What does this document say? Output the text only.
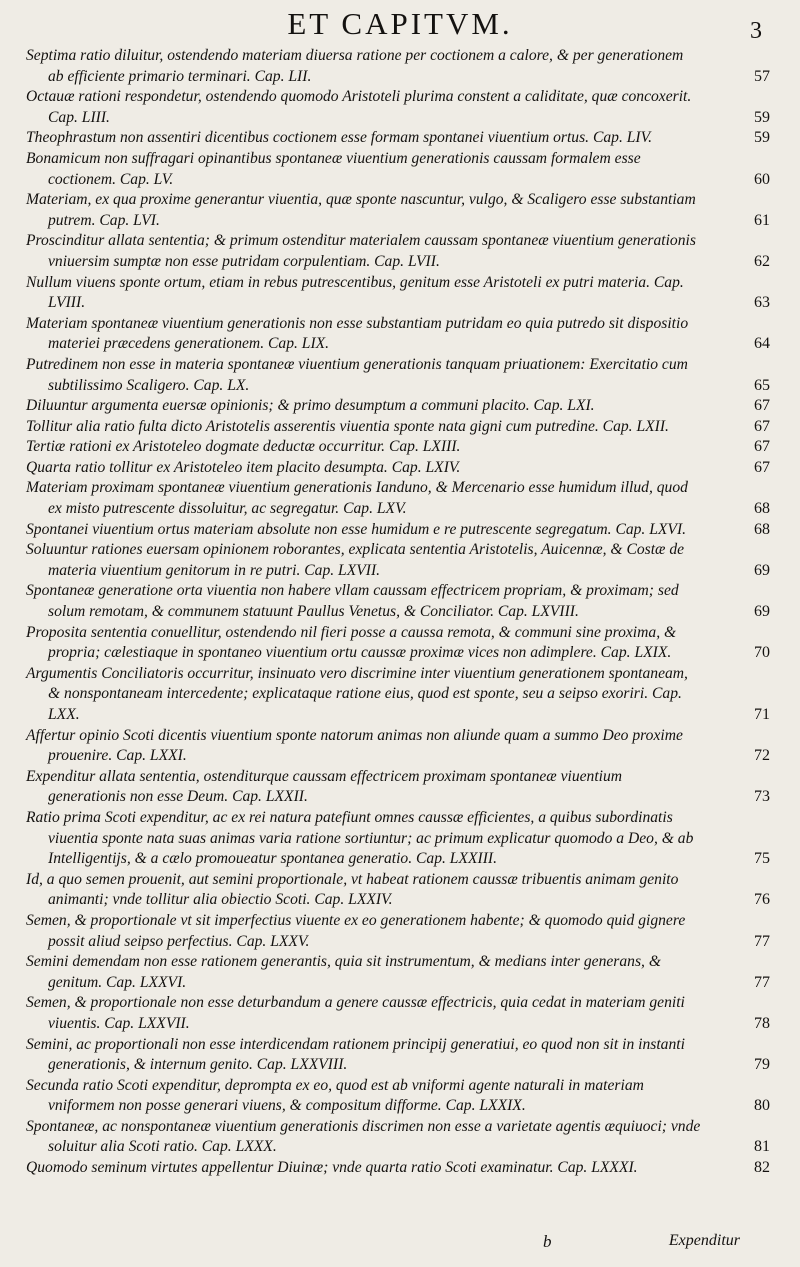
ET CAPITVM.	3
Septima ratio diluitur, ostendendo materiam diuersa ratione per coctionem a calore, & per generationem ab efficiente primario terminari. Cap. LII.	57
Octauæ rationi respondetur, ostendendo quomodo Aristoteli plurima constent a caliditate, quæ concoxerit. Cap. LIII.	59
Theophrastum non assentiri dicentibus coctionem esse formam spontanei viuentium ortus. Cap. LIV.	59
Bonamicum non suffragari opinantibus spontaneæ viuentium generationis caussam formalem esse coctionem. Cap. LV.	60
Materiam, ex qua proxime generantur viuentia, quæ sponte nascuntur, vulgo, & Scaligero esse substantiam putrem. Cap. LVI.	61
Proscinditur allata sententia; & primum ostenditur materialem caussam spontaneæ viuentium generationis vniuersim sumptæ non esse putridam corpulentiam. Cap. LVII.	62
Nullum viuens sponte ortum, etiam in rebus putrescentibus, genitum esse Aristoteli ex putri materia. Cap. LVIII.	63
Materiam spontaneæ viuentium generationis non esse substantiam putridam eo quia putredo sit dispositio materiei præcedens generationem. Cap. LIX.	64
Putredinem non esse in materia spontaneæ viuentium generationis tanquam priuationem: Exercitatio cum subtilissimo Scaligero. Cap. LX.	65
Diluuntur argumenta euersæ opinionis; & primo desumptum a communi placito. Cap. LXI.	67
Tollitur alia ratio fulta dicto Aristotelis asserentis viuentia sponte nata gigni cum putredine. Cap. LXII.	67
Tertiæ rationi ex Aristoteleo dogmate deductæ occurritur. Cap. LXIII.	67
Quarta ratio tollitur ex Aristoteleo item placito desumpta. Cap. LXIV.	67
Materiam proximam spontaneæ viuentium generationis Ianduno, & Mercenario esse humidum illud, quod ex misto putrescente dissoluitur, ac segregatur. Cap. LXV.	68
Spontanei viuentium ortus materiam absolute non esse humidum e re putrescente segregatum. Cap. LXVI.	68
Soluuntur rationes euersam opinionem roborantes, explicata sententia Aristotelis, Auicennæ, & Costæ de materia viuentium genitorum in re putri. Cap. LXVII.	69
Spontaneæ generatione orta viuentia non habere vllam caussam effectricem propriam, & proximam; sed solum remotam, & communem statuunt Paullus Venetus, & Conciliator. Cap. LXVIII.	69
Proposita sententia conuellitur, ostendendo nil fieri posse a caussa remota, & communi sine proxima, & propria; cælestiaque in spontaneo viuentium ortu caussæ proximæ vices non adimplere. Cap. LXIX.	70
Argumentis Conciliatoris occurritur, insinuato vero discrimine inter viuentium generationem spontaneam, & nonspontaneam intercedente; explicataque ratione eius, quod est sponte, seu a seipso exoriri. Cap. LXX.	71
Affertur opinio Scoti dicentis viuentium sponte natorum animas non aliunde quam a summo Deo proxime prouenire. Cap. LXXI.	72
Expenditur allata sententia, ostenditurque caussam effectricem proximam spontaneæ viuentium generationis non esse Deum. Cap. LXXII.	73
Ratio prima Scoti expenditur, ac ex rei natura patefiunt omnes caussæ efficientes, a quibus subordinatis viuentia sponte nata suas animas varia ratione sortiuntur; ac primum explicatur quomodo a Deo, & ab Intelligentijs, & a cælo promoueatur spontanea generatio. Cap. LXXIII.	75
Id, a quo semen prouenit, aut semini proportionale, vt habeat rationem caussæ tribuentis animam genito animanti; vnde tollitur alia obiectio Scoti. Cap. LXXIV.	76
Semen, & proportionale vt sit imperfectius viuente ex eo generationem habente; & quomodo quid gignere possit aliud seipso perfectius. Cap. LXXV.	77
Semini demendam non esse rationem generantis, quia sit instrumentum, & medians inter generans, & genitum. Cap. LXXVI.	77
Semen, & proportionale non esse deturbandum a genere caussæ effectricis, quia cedat in materiam geniti viuentis. Cap. LXXVII.	78
Semini, ac proportionali non esse interdicendam rationem principij generatiui, eo quod non sit in instanti generationis, & internum genito. Cap. LXXVIII.	79
Secunda ratio Scoti expenditur, deprompta ex eo, quod est ab vniformi agente naturali in materiam vniformem non posse generari viuens, & compositum difforme. Cap. LXXIX.	80
Spontaneæ, ac nonspontaneæ viuentium generationis discrimen non esse a varietate agentis æquiuoci; vnde soluitur alia Scoti ratio. Cap. LXXX.	81
Quomodo seminum virtutes appellentur Diuinæ; vnde quarta ratio Scoti examinatur. Cap. LXXXI.	82
b	Expenditur
